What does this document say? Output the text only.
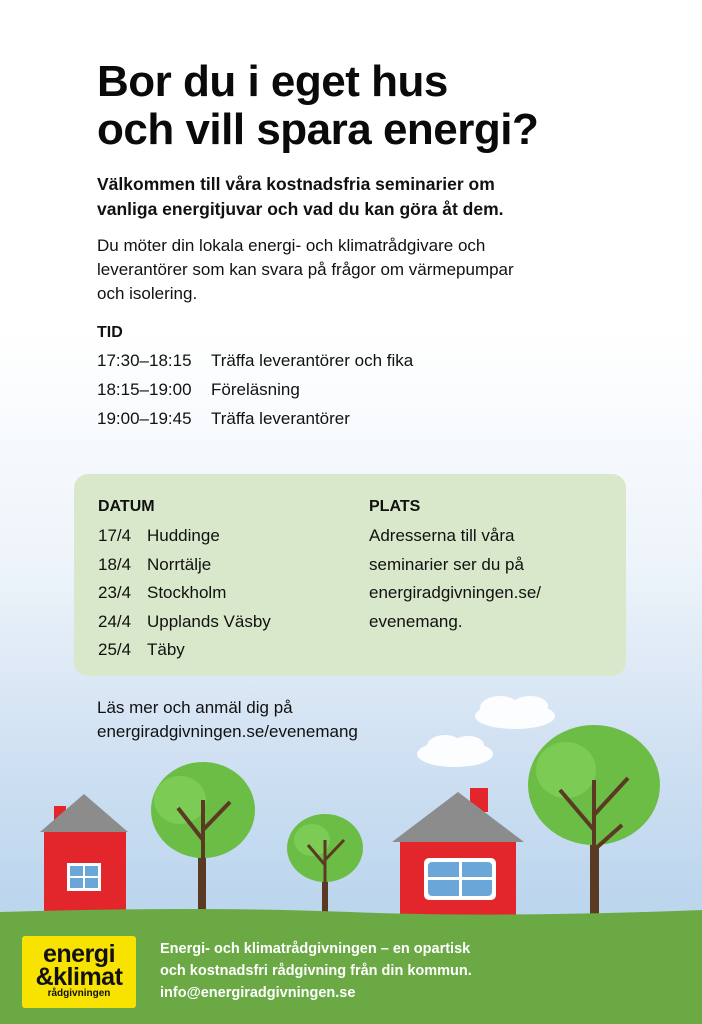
Bor du i eget hus
och vill spara energi?

Välkommen till våra kostnadsfria seminarier om
vanliga energitjuvar och vad du kan göra åt dem.

Du möter din lokala energi- och klimatrådgivare och
leverantörer som kan svara på frågor om värmepumpar
och isolering.

TID
17:30–18:15	Träffa leverantörer och fika
18:15–19:00	Föreläsning
19:00–19:45	Träffa leverantörer
DATUM
17/4 Huddinge
18/4 Norrtälje
23/4 Stockholm
24/4 Upplands Väsby
25/4 Täby
PLATS
Adresserna till våra
seminarier ser du på
energiradgivningen.se/
evenemang.

Läs mer och anmäl dig på
energiradgivningen.se/evenemang

energi
&klimat
rådgivningen

Energi- och klimatrådgivningen – en opartisk
och kostnadsfri rådgivning från din kommun.
info@energiradgivningen.se
